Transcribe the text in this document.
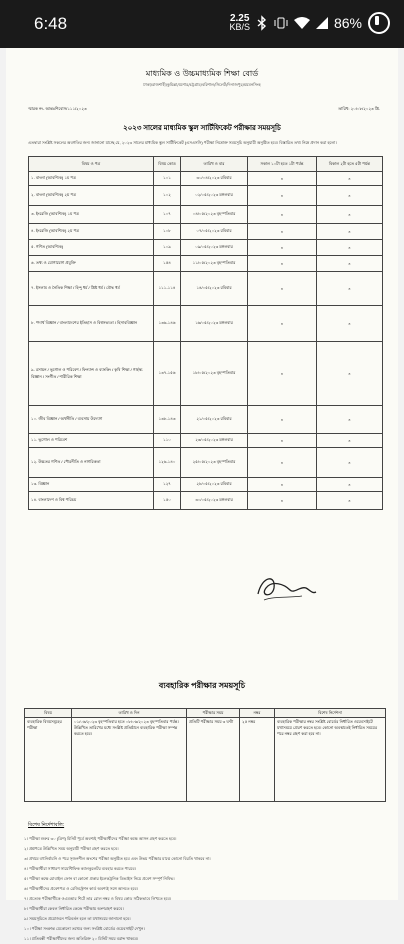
6:48	2.25
KB/S	86%
মাধ্যমিক ও উচ্চমাধ্যমিক শিক্ষা বোর্ড
ঢাকা/রাজশাহী/কুমিল্লা/যশোর/চট্টগ্রাম/বরিশাল/সিলেট/দিনাজপুর/ময়মনসিংহ
স্মারক নং- আন্তঃশিবোস/১১১/২০২৩	তারিখ: ২০/০৮/২০২৩ খ্রি.
২০২৩ সালের মাধ্যমিক স্কুল সার্টিফিকেট পরীক্ষার সময়সূচি
এতদ্বারা সংশ্লিষ্ট সকলের অবগতির জন্য জানানো যাচ্ছে যে, ২০২৩ সালের মাধ্যমিক স্কুল সার্টিফিকেট (এসএসসি) পরীক্ষা নিম্নোক্ত সময়সূচি অনুযায়ী অনুষ্ঠিত হবে। বিস্তারিত তথ্য নিম্নে প্রদান করা হলো।
বিষয় ও পত্র	বিষয় কোড	তারিখ ও বার	সকাল ১০টা হতে ১টা পর্যন্ত	বিকাল ২টা হতে ৫টা পর্যন্ত
১. বাংলা (আবশ্যিক) ১ম পত্র	১০১	৩০/০৪/২০২৩ রবিবার	×	×
২. বাংলা (আবশ্যিক) ২য় পত্র	১০২	০২/০৫/২০২৩ মঙ্গলবার	×	×
৩. ইংরেজি (আবশ্যিক) ১ম পত্র	১০৭	০৪/০৫/২০২৩ বৃহস্পতিবার	×	×
৪. ইংরেজি (আবশ্যিক) ২য় পত্র	১০৮	০৭/০৫/২০২৩ রবিবার	×	×
৫. গণিত (আবশ্যিক)	১০৯	০৯/০৫/২০২৩ মঙ্গলবার	×	×
৬. তথ্য ও যোগাযোগ প্রযুক্তি	১৫৪	১১/০৫/২০২৩ বৃহস্পতিবার	×	×
৭. ইসলাম ও নৈতিক শিক্ষা / হিন্দু ধর্ম / খ্রিষ্ট ধর্ম / বৌদ্ধ ধর্ম	১১১-১১৪	১৪/০৫/২০২৩ রবিবার	×	×
৮. পদার্থ বিজ্ঞান / বাংলাদেশের ইতিহাস ও বিশ্বসভ্যতা / হিসাববিজ্ঞান	১৩৬-১৪৬	১৬/০৫/২০২৩ মঙ্গলবার	×	×
৯. রসায়ন / ভূগোল ও পরিবেশ / ফিন্যান্স ও ব্যাংকিং / কৃষি শিক্ষা / গার্হস্থ্য বিজ্ঞান / সংগীত / শারীরিক শিক্ষা	১৩৭-১৫৬	১৮/০৫/২০২৩ বৃহস্পতিবার	×	×
১০. জীব বিজ্ঞান / অর্থনীতি / ব্যবসায় উদ্যোগ	১৩৮-১৪৩	২১/০৫/২০২৩ রবিবার	×	×
১১. ভূগোল ও পরিবেশ	১১০	২৩/০৫/২০২৩ মঙ্গলবার	×	×
১২. উচ্চতর গণিত / পৌরনীতি ও নাগরিকতা	১২৬-১৪০	২৫/০৫/২০২৩ বৃহস্পতিবার	×	×
১৩. বিজ্ঞান	১২৭	২৮/০৫/২০২৩ রবিবার	×	×
১৪. বাংলাদেশ ও বিশ্ব পরিচয়	১৫০	৩০/০৫/২০২৩ মঙ্গলবার	×	×
ব্যবহারিক পরীক্ষার সময়সূচি
বিষয়	তারিখ ও দিন	পরীক্ষার সময়	নম্বর	বিশেষ নির্দেশনা
ব্যবহারিক বিষয়সমূহের পরীক্ষা	০১/০৬/২০২৩ বৃহস্পতিবার হতে ০৮/০৬/২০২৩ বৃহস্পতিবার পর্যন্ত। উল্লিখিত তারিখের মধ্যে সংশ্লিষ্ট প্রতিষ্ঠানে ব্যবহারিক পরীক্ষা সম্পন্ন করতে হবে।	প্রতিটি পরীক্ষার সময় ৩ ঘণ্টা	২৫ নম্বর	ব্যবহারিক পরীক্ষার নম্বর সংশ্লিষ্ট বোর্ডের নির্ধারিত ওয়েবসাইটে যথাসময়ে প্রেরণ করতে হবে। কোনো অবস্থাতেই নির্ধারিত সময়ের পরে নম্বর গ্রহণ করা হবে না।
বিশেষ নির্দেশাবলি:
১। পরীক্ষা শুরুর ৩০ (ত্রিশ) মিনিট পূর্বে অবশ্যই পরীক্ষার্থীদের পরীক্ষা কক্ষে আসন গ্রহণ করতে হবে।
২। প্রশ্নপত্রে উল্লিখিত সময় অনুযায়ী পরীক্ষা গ্রহণ করতে হবে।
৩। প্রথমে বহুনির্বাচনি ও পরে সৃজনশীল অংশের পরীক্ষা অনুষ্ঠিত হবে এবং উভয় পরীক্ষার মাঝে কোনো বিরতি থাকবে না।
৪। পরীক্ষার্থীরা সাধারণ সায়েন্টিফিক ক্যালকুলেটর ব্যবহার করতে পারবে।
৫। পরীক্ষা কক্ষে মোবাইল ফোন বা কোনো প্রকার ইলেকট্রনিক ডিভাইস নিয়ে প্রবেশ সম্পূর্ণ নিষিদ্ধ।
৬। পরীক্ষার্থীদের প্রবেশপত্র ও রেজিস্ট্রেশন কার্ড অবশ্যই সঙ্গে আনতে হবে।
৭। প্রত্যেক পরীক্ষার্থীকে ওএমআর শিটে তার রোল নম্বর ও বিষয় কোড সঠিকভাবে লিখতে হবে।
৮। পরীক্ষার্থীরা কেবল নির্ধারিত কেন্দ্রে পরীক্ষায় অংশগ্রহণ করবে।
৯। সময়সূচিতে প্রয়োজনে পরিবর্তন হলে তা যথাসময়ে জানানো হবে।
১০। পরীক্ষা সংক্রান্ত যেকোনো তথ্যের জন্য সংশ্লিষ্ট বোর্ডের ওয়েবসাইট দেখুন।
১১। প্রতিবন্ধী পরীক্ষার্থীদের জন্য অতিরিক্ত ২০ মিনিট সময় বরাদ্দ থাকবে।
